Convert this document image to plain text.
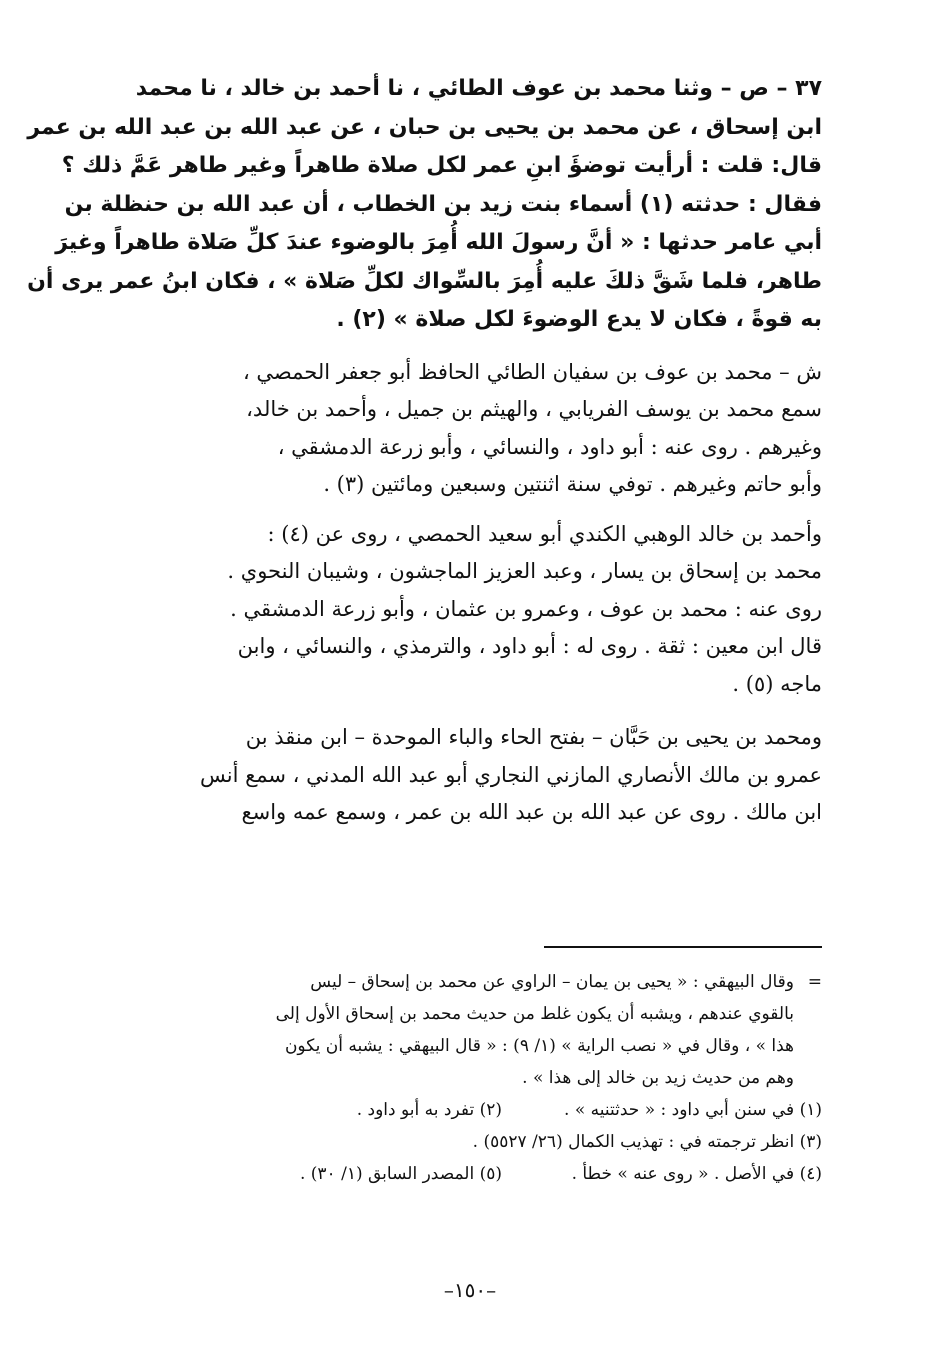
٣٧ – ص – وثنا محمد بن عوف الطائي ، نا أحمد بن خالد ، نا محمد
ابن إسحاق ، عن محمد بن يحيى بن حبان ، عن عبد الله بن عبد الله بن عمر
قال: قلت : أرأيت توضؤَ ابنِ عمر لكل صلاة طاهراً وغير طاهر عَمَّ ذلك ؟
فقال : حدثته (١) أسماء بنت زيد بن الخطاب ، أن عبد الله بن حنظلة بن
أبي عامر حدثها : « أنَّ رسولَ الله أُمِرَ بالوضوء عندَ كلِّ صَلاة طاهراً وغيرَ
طاهر، فلما شَقَّ ذلكَ عليه أُمِرَ بالسِّواك لكلِّ صَلاة » ، فكان ابنُ عمر يرى أن
به قوةً ، فكان لا يدع الوضوءَ لكل صلاة » (٢) .
ش – محمد بن عوف بن سفيان الطائي الحافظ أبو جعفر الحمصي ،
سمع محمد بن يوسف الفريابي ، والهيثم بن جميل ، وأحمد بن خالد،
وغيرهم . روى عنه : أبو داود ، والنسائي ، وأبو زرعة الدمشقي ،
وأبو حاتم وغيرهم . توفي سنة اثنتين وسبعين ومائتين (٣) .
وأحمد بن خالد الوهبي الكندي أبو سعيد الحمصي ، روى عن (٤) :
محمد بن إسحاق بن يسار ، وعبد العزيز الماجشون ، وشيبان النحوي .
روى عنه : محمد بن عوف ، وعمرو بن عثمان ، وأبو زرعة الدمشقي .
قال ابن معين : ثقة . روى له : أبو داود ، والترمذي ، والنسائي ، وابن
ماجه (٥) .
ومحمد بن يحيى بن حَبَّان – بفتح الحاء والباء الموحدة – ابن منقذ بن
عمرو بن مالك الأنصاري المازني النجاري أبو عبد الله المدني ، سمع أنس
ابن مالك . روى عن عبد الله بن عبد الله بن عمر ، وسمع عمه واسع
=
وقال البيهقي : « يحيى بن يمان – الراوي عن محمد بن إسحاق – ليس
بالقوي عندهم ، ويشبه أن يكون غلط من حديث محمد بن إسحاق الأول إلى
هذا » ، وقال في « نصب الراية » (١/ ٩) : « قال البيهقي : يشبه أن يكون
وهم من حديث زيد بن خالد إلى هذا » .
(١) في سنن أبي داود : « حدثتنيه » .
(٢) تفرد به أبو داود .
(٣) انظر ترجمته في : تهذيب الكمال (٢٦/ ٥٥٢٧) .
(٤) في الأصل . « روى عنه » خطأ .
(٥) المصدر السابق (١/ ٣٠) .
–١٥٠–
